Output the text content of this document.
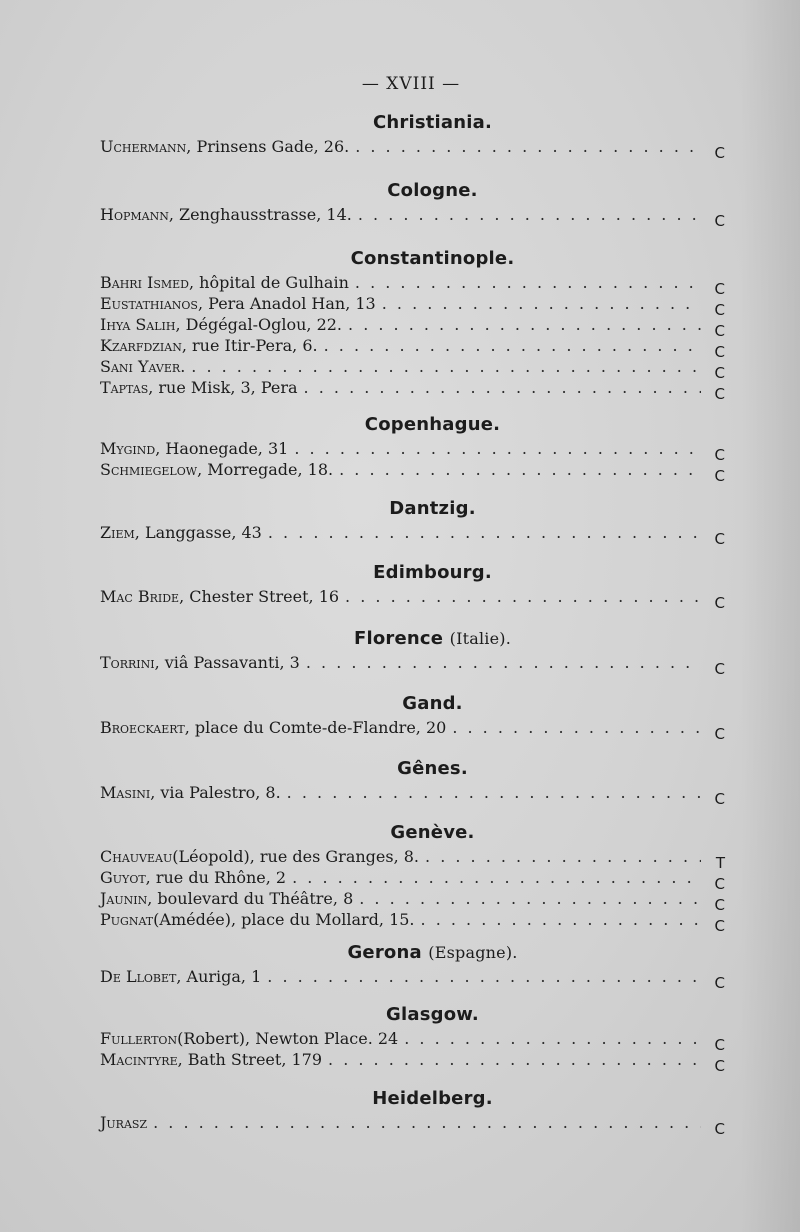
— XVIII —
Christiania.
Uchermann , Prinsens Gade, 26. . . .	C
Cologne.
Hopmann , Zenghausstrasse, 14. . . .	C
Constantinople.
Bahri Ismed , hôpital de Gulhain . . .	C
Eustathianos , Pera Anadol Han, 13 . . .	C
Ihya Salih , Dégégal-Oglou, 22. . . .	C
Kzarfdzian , rue Itir-Pera, 6. . . .	C
Sani Yaver . . . .	C
Taptas , rue Misk, 3, Pera . . .	C
Copenhague.
Mygind , Haonegade, 31 . . .	C
Schmiegelow , Morregade, 18. . . .	C
Dantzig.
Ziem , Langgasse, 43 . . .	C
Edimbourg.
Mac Bride , Chester Street, 16 . . .	C
Florence (Italie).
Torrini , viâ Passavanti, 3 . . .	C
Gand.
Broeckaert , place du Comte-de-Flandre, 20 . . .	C
Gênes.
Masini , via Palestro, 8. . . .	C
Genève.
Chauveau (Léopold), rue des Granges, 8. . . .	T
Guyot , rue du Rhône, 2 . . .	C
Jaunin , boulevard du Théâtre, 8 . . .	C
Pugnat (Amédée), place du Mollard, 15. . . .	C
Gerona (Espagne).
De Llobet , Auriga, 1 . . .	C
Glasgow.
Fullerton (Robert), Newton Place. 24 . . .	C
Macintyre , Bath Street, 179 . . .	C
Heidelberg.
Jurasz . . .	C
